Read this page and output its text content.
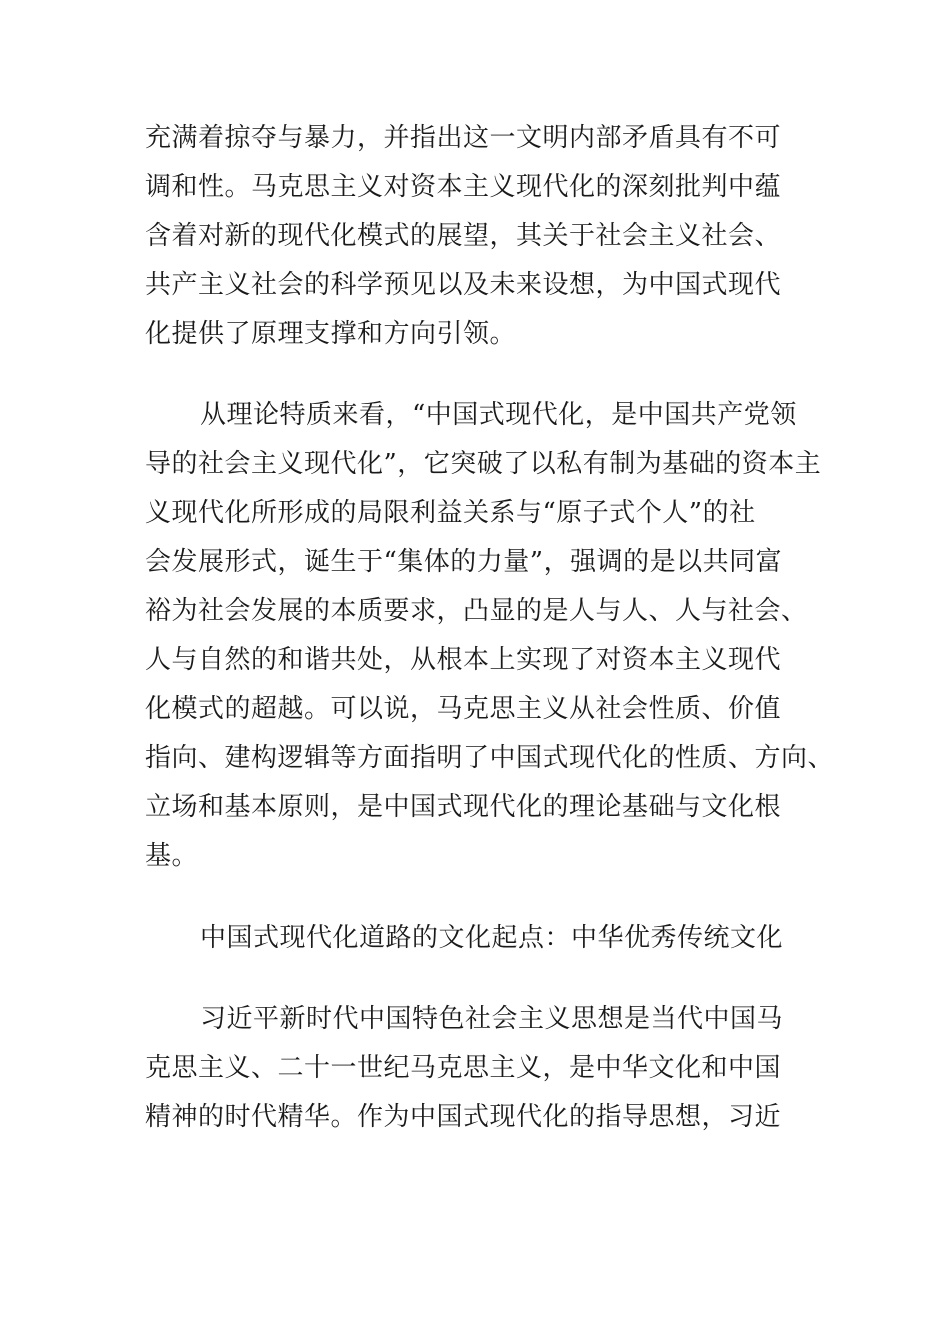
充满着掠夺与暴力，并指出这一文明内部矛盾具有不可
调和性。马克思主义对资本主义现代化的深刻批判中蕴
含着对新的现代化模式的展望，其关于社会主义社会、
共产主义社会的科学预见以及未来设想，为中国式现代
化提供了原理支撑和方向引领。
从理论特质来看，“中国式现代化，是中国共产党领
导的社会主义现代化”，它突破了以私有制为基础的资本主
义现代化所形成的局限利益关系与“原子式个人”的社
会发展形式，诞生于“集体的力量”，强调的是以共同富
裕为社会发展的本质要求，凸显的是人与人、人与社会、
人与自然的和谐共处，从根本上实现了对资本主义现代
化模式的超越。可以说，马克思主义从社会性质、价值
指向、建构逻辑等方面指明了中国式现代化的性质、方向、
立场和基本原则，是中国式现代化的理论基础与文化根
基。
中国式现代化道路的文化起点：中华优秀传统文化
习近平新时代中国特色社会主义思想是当代中国马
克思主义、二十一世纪马克思主义，是中华文化和中国
精神的时代精华。作为中国式现代化的指导思想，习近
